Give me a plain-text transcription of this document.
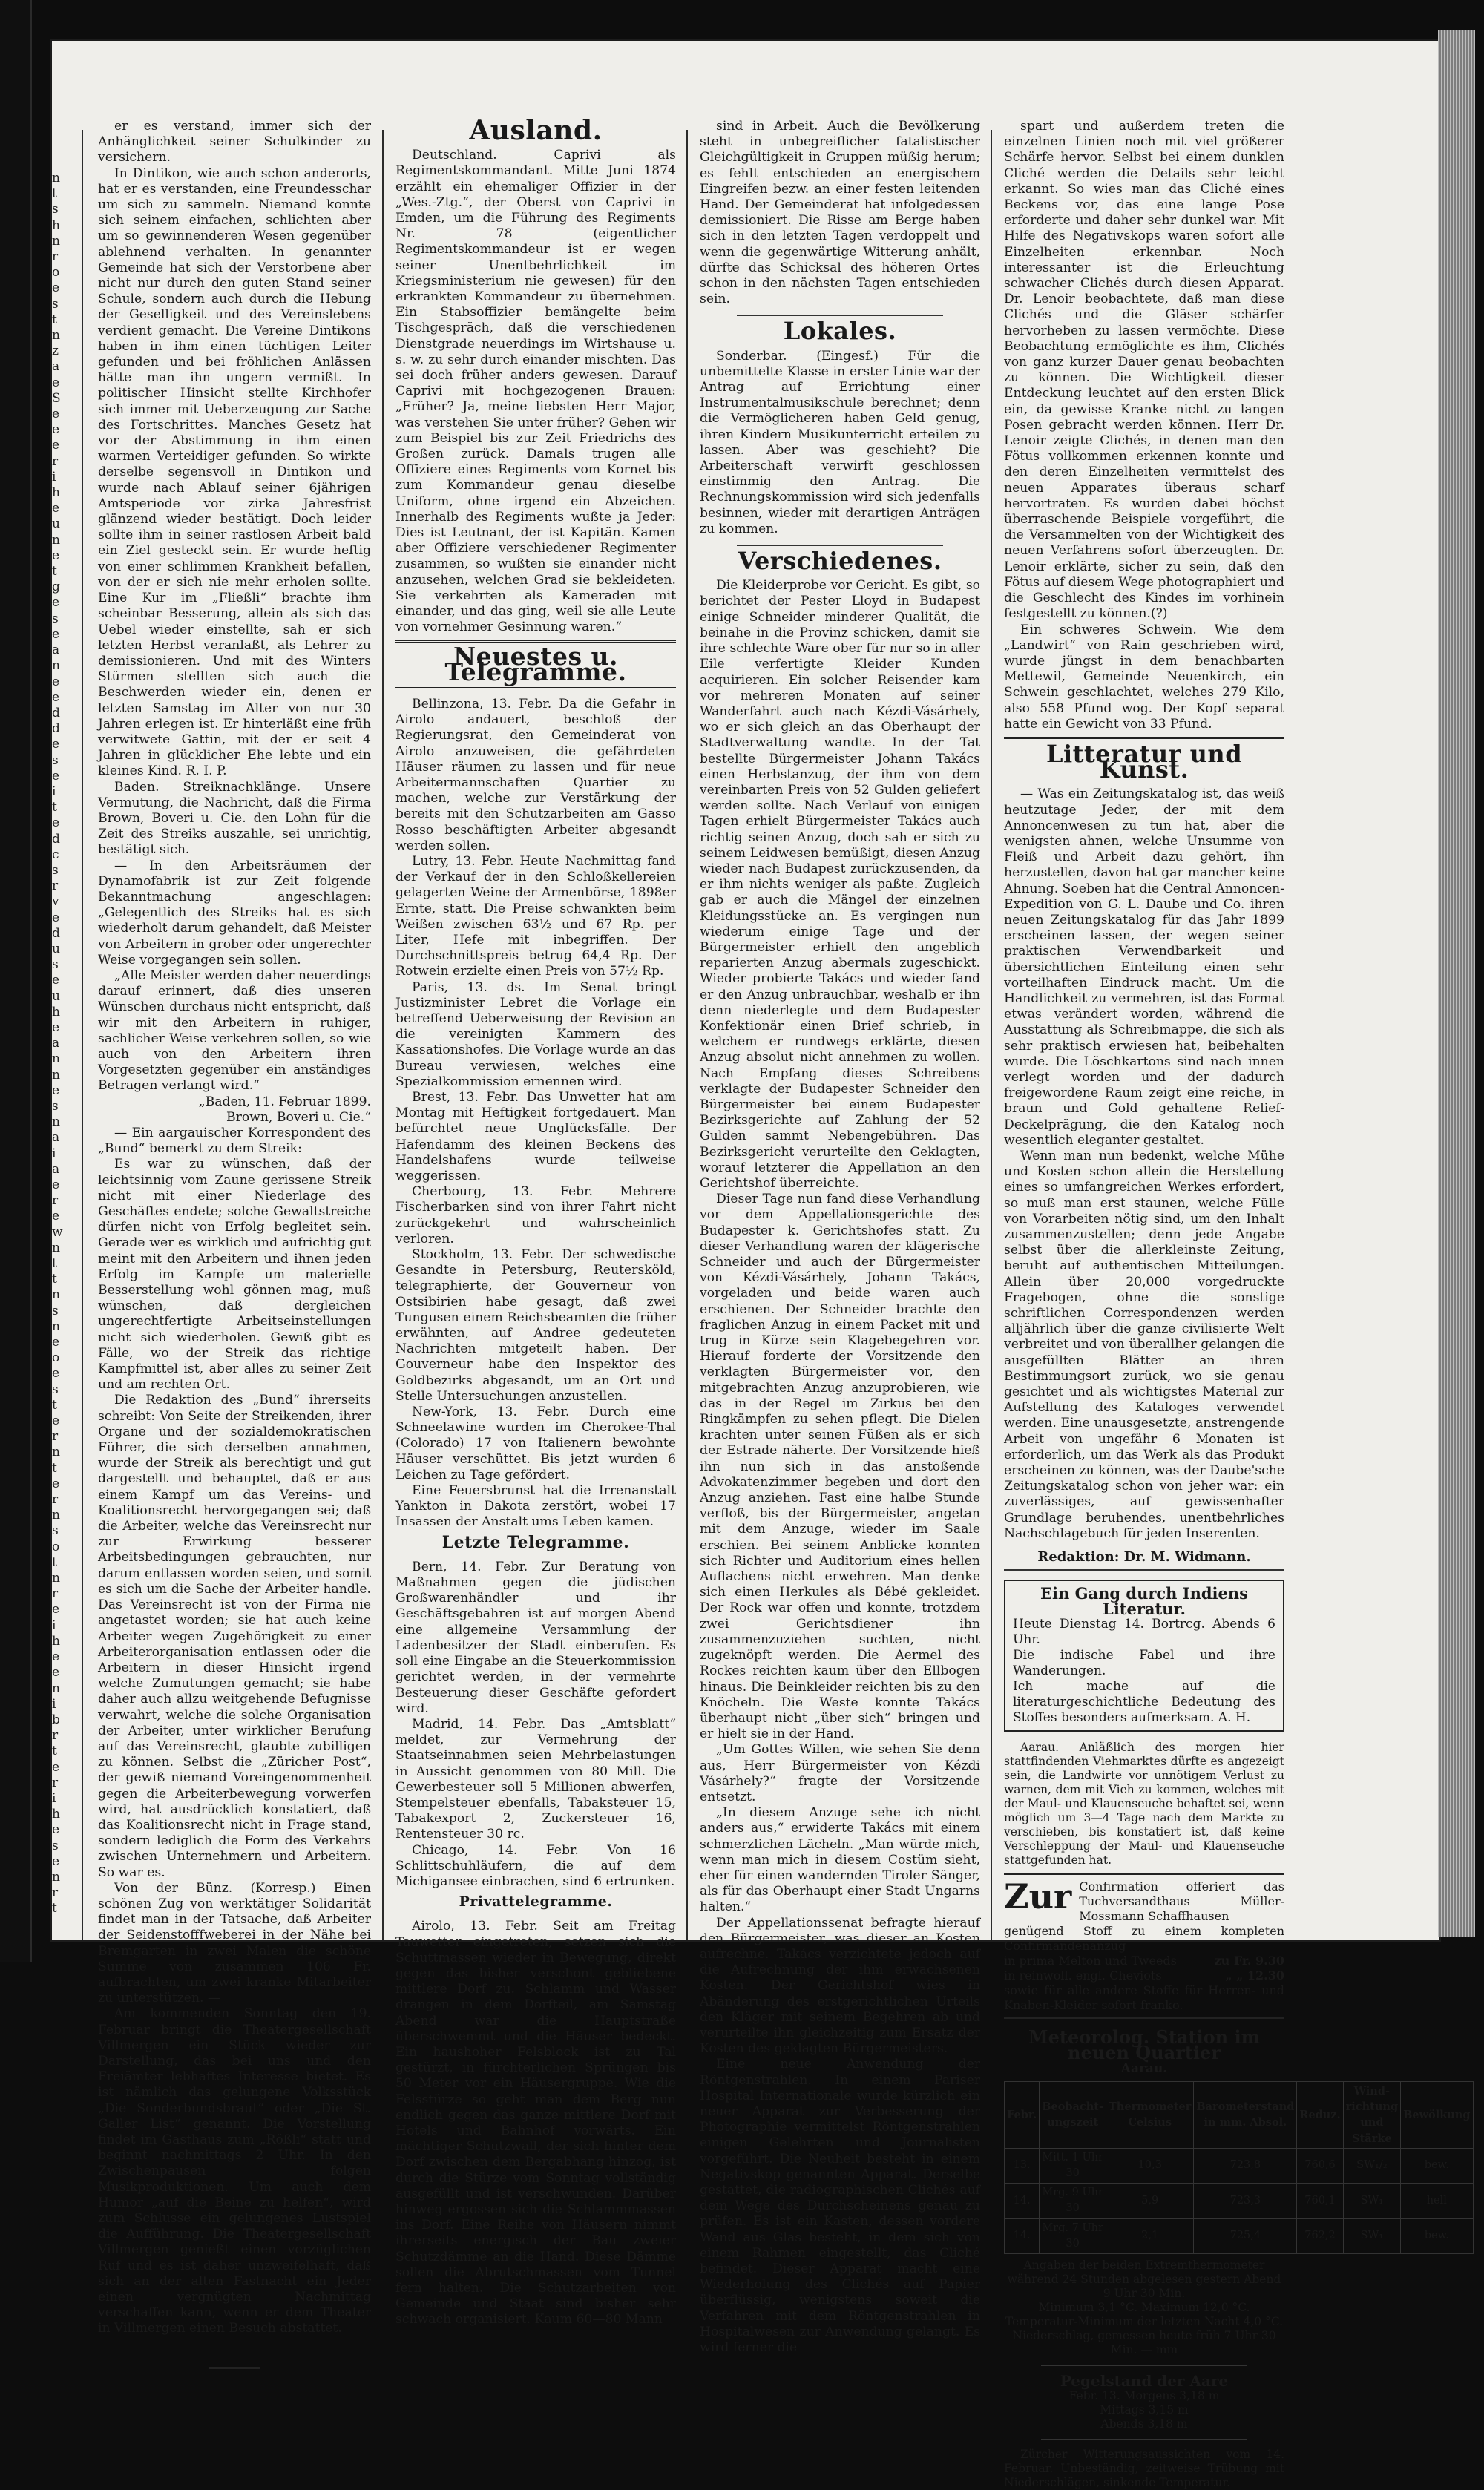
n
t
s
h
n
r
o
e
s
t
n
z
a
e
S
e
e
e
r
i
h
e
u
n
e
t
g
e
s
e
a
n
e
e
d
d
e
s
e
i
t
e
d
c
s
r
v
e
d
u
s
e
u
h
e
a
n
n
e
s
n
a
i
a
e
r
e
w
n
t
t
n
s
n
e
o
e
s
t
e
r
n
t
e
r
n
s
o
t
n
r
e
i
h
e
e
n
i
b
r
t
e
r
i
h
e
s
e
n
r
t

er es verstand, immer sich der Anhänglichkeit seiner Schulkinder zu versichern.

In Dintikon, wie auch schon anderorts, hat er es verstanden, eine Freundesschar um sich zu sammeln. Niemand konnte sich seinem einfachen, schlichten aber um so gewinnenderen Wesen gegenüber ablehnend verhalten. In genannter Gemeinde hat sich der Verstorbene aber nicht nur durch den guten Stand seiner Schule, sondern auch durch die Hebung der Geselligkeit und des Vereinslebens verdient gemacht. Die Vereine Dintikons haben in ihm einen tüchtigen Leiter gefunden und bei fröhlichen Anlässen hätte man ihn ungern vermißt. In politischer Hinsicht stellte Kirchhofer sich immer mit Ueberzeugung zur Sache des Fortschrittes. Manches Gesetz hat vor der Abstimmung in ihm einen warmen Verteidiger gefunden. So wirkte derselbe segensvoll in Dintikon und wurde nach Ablauf seiner 6jährigen Amtsperiode vor zirka Jahresfrist glänzend wieder bestätigt. Doch leider sollte ihm in seiner rastlosen Arbeit bald ein Ziel gesteckt sein. Er wurde heftig von einer schlimmen Krankheit befallen, von der er sich nie mehr erholen sollte. Eine Kur im „Fließli“ brachte ihm scheinbar Besserung, allein als sich das Uebel wieder einstellte, sah er sich letzten Herbst veranlaßt, als Lehrer zu demissionieren. Und mit des Winters Stürmen stellten sich auch die Beschwerden wieder ein, denen er letzten Samstag im Alter von nur 30 Jahren erlegen ist. Er hinterläßt eine früh verwitwete Gattin, mit der er seit 4 Jahren in glücklicher Ehe lebte und ein kleines Kind. R. I. P.

Baden. Streiknachklänge. Unsere Vermutung, die Nachricht, daß die Firma Brown, Boveri u. Cie. den Lohn für die Zeit des Streiks auszahle, sei unrichtig, bestätigt sich.

— In den Arbeitsräumen der Dynamofabrik ist zur Zeit folgende Bekanntmachung angeschlagen: „Gelegentlich des Streiks hat es sich wiederholt darum gehandelt, daß Meister von Arbeitern in grober oder ungerechter Weise vorgegangen sein sollen.

„Alle Meister werden daher neuerdings darauf erinnert, daß dies unseren Wünschen durchaus nicht entspricht, daß wir mit den Arbeitern in ruhiger, sachlicher Weise verkehren sollen, so wie auch von den Arbeitern ihren Vorgesetzten gegenüber ein anständiges Betragen verlangt wird.“

„Baden, 11. Februar 1899.

Brown, Boveri u. Cie.“

— Ein aargauischer Korrespondent des „Bund“ bemerkt zu dem Streik:

Es war zu wünschen, daß der leichtsinnig vom Zaune gerissene Streik nicht mit einer Niederlage des Geschäftes endete; solche Gewaltstreiche dürfen nicht von Erfolg begleitet sein. Gerade wer es wirklich und aufrichtig gut meint mit den Arbeitern und ihnen jeden Erfolg im Kampfe um materielle Besserstellung wohl gönnen mag, muß wünschen, daß dergleichen ungerechtfertigte Arbeitseinstellungen nicht sich wiederholen. Gewiß gibt es Fälle, wo der Streik das richtige Kampfmittel ist, aber alles zu seiner Zeit und am rechten Ort.

Die Redaktion des „Bund“ ihrerseits schreibt: Von Seite der Streikenden, ihrer Organe und der sozialdemokratischen Führer, die sich derselben annahmen, wurde der Streik als berechtigt und gut dargestellt und behauptet, daß er aus einem Kampf um das Vereins- und Koalitionsrecht hervorgegangen sei; daß die Arbeiter, welche das Vereinsrecht nur zur Erwirkung besserer Arbeitsbedingungen gebrauchten, nur darum entlassen worden seien, und somit es sich um die Sache der Arbeiter handle. Das Vereinsrecht ist von der Firma nie angetastet worden; sie hat auch keine Arbeiter wegen Zugehörigkeit zu einer Arbeiterorganisation entlassen oder die Arbeitern in dieser Hinsicht irgend welche Zumutungen gemacht; sie habe daher auch allzu weitgehende Befugnisse verwahrt, welche die solche Organisation der Arbeiter, unter wirklicher Berufung auf das Vereinsrecht, glaubte zubilligen zu können. Selbst die „Züricher Post“, der gewiß niemand Voreingenommenheit gegen die Arbeiterbewegung vorwerfen wird, hat ausdrücklich konstatiert, daß das Koalitionsrecht nicht in Frage stand, sondern lediglich die Form des Verkehrs zwischen Unternehmern und Arbeitern. So war es.

Von der Bünz. (Korresp.) Einen schönen Zug von werktätiger Solidarität findet man in der Tatsache, daß Arbeiter der Seidenstofffweberei in der Nähe bei Bremgarten in zwei Malen die schöne Summe von zusammen 106 Fr. aufbrachten, um zwei kranke Mitarbeiter zu unterstützen. —

Am kommenden Sonntag den 19. Februar bringt die Theatergesellschaft Villmergen ein Stück wieder zur Darstellung, das bei uns und den Freiämter lebhaftes Interesse bietet. Es ist nämlich das gelungene Volksstück „Die Sonderbundsbraut“ oder „Die St. Galler List“ genannt. Die Vorstellung findet im Gasthaus zum „Rößli“ statt und beginnt nachmittags 2 Uhr. In den Zwischenpausen folgen Musikproduktionen. Um auch dem Humor „auf die Beine zu helfen“, wird zum Schlusse ein gelungenes Lustspiel die Aufführung. Die Theatergesellschaft Villmergen genießt einen vorzüglichen Ruf und es ist daher unzweifelhaft, daß sich an der alten Fastnacht ein Jeder einen vergnügten Nachmittag verschaffen kann, wenn er dem Theater in Villmergen einen Besuch abstattet.

Ausland.

Deutschland. Caprivi als Regimentskommandant. Mitte Juni 1874 erzählt ein ehemaliger Offizier in der „Wes.-Ztg.“, der Oberst von Caprivi in Emden, um die Führung des Regiments Nr. 78 (eigentlicher Regimentskommandeur ist er wegen seiner Unentbehrlichkeit im Kriegsministerium nie gewesen) für den erkrankten Kommandeur zu übernehmen. Ein Stabsoffizier bemängelte beim Tischgespräch, daß die verschiedenen Dienstgrade neuerdings im Wirtshause u. s. w. zu sehr durch einander mischten. Das sei doch früher anders gewesen. Darauf Caprivi mit hochgezogenen Brauen: „Früher? Ja, meine liebsten Herr Major, was verstehen Sie unter früher? Gehen wir zum Beispiel bis zur Zeit Friedrichs des Großen zurück. Damals trugen alle Offiziere eines Regiments vom Kornet bis zum Kommandeur genau dieselbe Uniform, ohne irgend ein Abzeichen. Innerhalb des Regiments wußte ja Jeder: Dies ist Leutnant, der ist Kapitän. Kamen aber Offiziere verschiedener Regimenter zusammen, so wußten sie einander nicht anzusehen, welchen Grad sie bekleideten. Sie verkehrten als Kameraden mit einander, und das ging, weil sie alle Leute von vornehmer Gesinnung waren.“

Neuestes u. Telegramme.

Bellinzona, 13. Febr. Da die Gefahr in Airolo andauert, beschloß der Regierungsrat, den Gemeinderat von Airolo anzuweisen, die gefährdeten Häuser räumen zu lassen und für neue Arbeitermannschaften Quartier zu machen, welche zur Verstärkung der bereits mit den Schutzarbeiten am Gasso Rosso beschäftigten Arbeiter abgesandt werden sollen.

Lutry, 13. Febr. Heute Nachmittag fand der Verkauf der in den Schloßkellereien gelagerten Weine der Armenbörse, 1898er Ernte, statt. Die Preise schwankten beim Weißen zwischen 63½ und 67 Rp. per Liter, Hefe mit inbegriffen. Der Durchschnittspreis betrug 64,4 Rp. Der Rotwein erzielte einen Preis von 57½ Rp.

Paris, 13. ds. Im Senat bringt Justizminister Lebret die Vorlage ein betreffend Ueberweisung der Revision an die vereinigten Kammern des Kassationshofes. Die Vorlage wurde an das Bureau verwiesen, welches eine Spezialkommission ernennen wird.

Brest, 13. Febr. Das Unwetter hat am Montag mit Heftigkeit fortgedauert. Man befürchtet neue Unglücksfälle. Der Hafendamm des kleinen Beckens des Handelshafens wurde teilweise weggerissen.

Cherbourg, 13. Febr. Mehrere Fischerbarken sind von ihrer Fahrt nicht zurückgekehrt und wahrscheinlich verloren.

Stockholm, 13. Febr. Der schwedische Gesandte in Petersburg, Reutersköld, telegraphierte, der Gouverneur von Ostsibirien habe gesagt, daß zwei Tungusen einem Reichsbeamten die früher erwähnten, auf Andree gedeuteten Nachrichten mitgeteilt haben. Der Gouverneur habe den Inspektor des Goldbezirks abgesandt, um an Ort und Stelle Untersuchungen anzustellen.

New-York, 13. Febr. Durch eine Schneelawine wurden im Cherokee-Thal (Colorado) 17 von Italienern bewohnte Häuser verschüttet. Bis jetzt wurden 6 Leichen zu Tage gefördert.

Eine Feuersbrunst hat die Irrenanstalt Yankton in Dakota zerstört, wobei 17 Insassen der Anstalt ums Leben kamen.

Letzte Telegramme.

Bern, 14. Febr. Zur Beratung von Maßnahmen gegen die jüdischen Großwarenhändler und ihr Geschäftsgebahren ist auf morgen Abend eine allgemeine Versammlung der Ladenbesitzer der Stadt einberufen. Es soll eine Eingabe an die Steuerkommission gerichtet werden, in der vermehrte Besteuerung dieser Geschäfte gefordert wird.

Madrid, 14. Febr. Das „Amtsblatt“ meldet, zur Vermehrung der Staatseinnahmen seien Mehrbelastungen in Aussicht genommen von 80 Mill. Die Gewerbesteuer soll 5 Millionen abwerfen, Stempelsteuer ebenfalls, Tabaksteuer 15, Tabakexport 2, Zuckersteuer 16, Rentensteuer 30 rc.

Chicago, 14. Febr. Von 16 Schlittschuhläufern, die auf dem Michigansee einbrachen, sind 6 ertrunken.

Privattelegramme.

Airolo, 13. Febr. Seit am Freitag Tauwetter eingetreten, setzen sich die Schuttmassen wieder in Bewegung, direkt gegen das bisher verschont gebliebene mittlere Dorf zu. Schlamm und Wasser drangen in dem Dorfteil, am Samstag Abend war die Hauptstraße überschwemmt und die Häuser bedeckt. Ein haushoher Felsblock ist zu Tal gestürzt, in fürchterlichen Sprüngen bis 50 Meter vor ein Häusergruppe. Wie die Felsstürze so geht man dem Berg nun endlich gegen das ganze mittlere Dorf mit Hotels und Bahnhof vorwärts. Ein mächtiger Schutzwall, der sich hinter dem Dorf zwischen dem Bergabhang hinzog, ist durch die Stürze vom Sonntag vollständig ausgefüllt und ist verschwunden. Darüber hinweg ergossen sich die Schlammmassen ins Dorf. Eine Reihe von Häusern nimmt ihrerseits energisch der Bau zweier Schutzdämme an die Hand. Diese Dämme sollen die Abrutschmassen vom Tunnel fern halten. Die Schutzarbeiten von Gemeinde und Staat sind bisher sehr schwach organisiert. Kaum 60—80 Mann

sind in Arbeit. Auch die Bevölkerung steht in unbegreiflicher fatalistischer Gleichgültigkeit in Gruppen müßig herum; es fehlt entschieden an energischem Eingreifen bezw. an einer festen leitenden Hand. Der Gemeinderat hat infolgedessen demissioniert. Die Risse am Berge haben sich in den letzten Tagen verdoppelt und wenn die gegenwärtige Witterung anhält, dürfte das Schicksal des höheren Ortes schon in den nächsten Tagen entschieden sein.

Lokales.

Sonderbar. (Eingesf.) Für die unbemittelte Klasse in erster Linie war der Antrag auf Errichtung einer Instrumentalmusikschule berechnet; denn die Vermöglicheren haben Geld genug, ihren Kindern Musikunterricht erteilen zu lassen. Aber was geschieht? Die Arbeiterschaft verwirft geschlossen einstimmig den Antrag. Die Rechnungskommission wird sich jedenfalls besinnen, wieder mit derartigen Anträgen zu kommen.

Verschiedenes.

Die Kleiderprobe vor Gericht. Es gibt, so berichtet der Pester Lloyd in Budapest einige Schneider minderer Qualität, die beinahe in die Provinz schicken, damit sie ihre schlechte Ware ober für nur so in aller Eile verfertigte Kleider Kunden acquirieren. Ein solcher Reisender kam vor mehreren Monaten auf seiner Wanderfahrt auch nach Kézdi-Vásárhely, wo er sich gleich an das Oberhaupt der Stadtverwaltung wandte. In der Tat bestellte Bürgermeister Johann Takács einen Herbstanzug, der ihm von dem vereinbarten Preis von 52 Gulden geliefert werden sollte. Nach Verlauf von einigen Tagen erhielt Bürgermeister Takács auch richtig seinen Anzug, doch sah er sich zu seinem Leidwesen bemüßigt, diesen Anzug wieder nach Budapest zurückzusenden, da er ihm nichts weniger als paßte. Zugleich gab er auch die Mängel der einzelnen Kleidungsstücke an. Es vergingen nun wiederum einige Tage und der Bürgermeister erhielt den angeblich reparierten Anzug abermals zugeschickt. Wieder probierte Takács und wieder fand er den Anzug unbrauchbar, weshalb er ihn denn niederlegte und dem Budapester Konfektionär einen Brief schrieb, in welchem er rundwegs erklärte, diesen Anzug absolut nicht annehmen zu wollen. Nach Empfang dieses Schreibens verklagte der Budapester Schneider den Bürgermeister bei einem Budapester Bezirksgerichte auf Zahlung der 52 Gulden sammt Nebengebühren. Das Bezirksgericht verurteilte den Geklagten, worauf letzterer die Appellation an den Gerichtshof überreichte.

Dieser Tage nun fand diese Verhandlung vor dem Appellationsgerichte des Budapester k. Gerichtshofes statt. Zu dieser Verhandlung waren der klägerische Schneider und auch der Bürgermeister von Kézdi-Vásárhely, Johann Takács, vorgeladen und beide waren auch erschienen. Der Schneider brachte den fraglichen Anzug in einem Packet mit und trug in Kürze sein Klagebegehren vor. Hierauf forderte der Vorsitzende den verklagten Bürgermeister vor, den mitgebrachten Anzug anzuprobieren, wie das in der Regel im Zirkus bei den Ringkämpfen zu sehen pflegt. Die Dielen krachten unter seinen Füßen als er sich der Estrade näherte. Der Vorsitzende hieß ihn nun sich in das anstoßende Advokatenzimmer begeben und dort den Anzug anziehen. Fast eine halbe Stunde verfloß, bis der Bürgermeister, angetan mit dem Anzuge, wieder im Saale erschien. Bei seinem Anblicke konnten sich Richter und Auditorium eines hellen Auflachens nicht erwehren. Man denke sich einen Herkules als Bébé gekleidet. Der Rock war offen und konnte, trotzdem zwei Gerichtsdiener ihn zusammenzuziehen suchten, nicht zugeknöpft werden. Die Aermel des Rockes reichten kaum über den Ellbogen hinaus. Die Beinkleider reichten bis zu den Knöcheln. Die Weste konnte Takács überhaupt nicht „über sich“ bringen und er hielt sie in der Hand.

„Um Gottes Willen, wie sehen Sie denn aus, Herr Bürgermeister von Kézdi Vásárhely?“ fragte der Vorsitzende entsetzt.

„In diesem Anzuge sehe ich nicht anders aus,“ erwiderte Takács mit einem schmerzlichen Lächeln. „Man würde mich, wenn man mich in diesem Costüm sieht, eher für einen wandernden Tiroler Sänger, als für das Oberhaupt einer Stadt Ungarns halten.“

Der Appellationssenat befragte hierauf den Bürgermeister, was dieser an Kosten aufrechne. Takács verzichtete jedoch auf die Aufrechnung der ihm erwachsenen Kosten. Der Gerichtshof wies in Abänderung des erstgerichtlichen Urteils den Kläger mit seinem Begehren ab und verurteilte ihn gleichzeitig zum Ersatz der Kosten des geklagten Bürgermeisters.

Eine neue Anwendung der Röntgenstrahlen. In einem Pariser Hospital Internationale wurde kürzlich ein neuer Apparat zur Verbesserung der Photographie vermittelst Röntgenstrahlen einigen Gelehrten und Journalisten vorgeführt. Die Neuheit besteht in einem Negativskop genannten Apparat. Derselbe gestattet, die radiographischen Clichés auf dem Wege des Durchscheinens genau zu prüfen. Es ist ein Kasten, dessen vordere Wand aus Glas besteht, in dem sich von einem Rahmen eingestellt, das Cliché befindet. Dieser Apparat macht eine Wiederholung des Clichés auf Papier überflüssig, wenigstens soweit die Verfahren mit dem Röntgenstrahlen in Hospitalwesen zur Anwendung gelangt. Es wird ferner die

spart und außerdem treten die einzelnen Linien noch mit viel größerer Schärfe hervor. Selbst bei einem dunklen Cliché werden die Details sehr leicht erkannt. So wies man das Cliché eines Beckens vor, das eine lange Pose erforderte und daher sehr dunkel war. Mit Hilfe des Negativskops waren sofort alle Einzelheiten erkennbar. Noch interessanter ist die Erleuchtung schwacher Clichés durch diesen Apparat. Dr. Lenoir beobachtete, daß man diese Clichés und die Gläser schärfer hervorheben zu lassen vermöchte. Diese Beobachtung ermöglichte es ihm, Clichés von ganz kurzer Dauer genau beobachten zu können. Die Wichtigkeit dieser Entdeckung leuchtet auf den ersten Blick ein, da gewisse Kranke nicht zu langen Posen gebracht werden können. Herr Dr. Lenoir zeigte Clichés, in denen man den Fötus vollkommen erkennen konnte und den deren Einzelheiten vermittelst des neuen Apparates überaus scharf hervortraten. Es wurden dabei höchst überraschende Beispiele vorgeführt, die die Versammelten von der Wichtigkeit des neuen Verfahrens sofort überzeugten. Dr. Lenoir erklärte, sicher zu sein, daß den Fötus auf diesem Wege photographiert und die Geschlecht des Kindes im vorhinein festgestellt zu können.(?)

Ein schweres Schwein. Wie dem „Landwirt“ von Rain geschrieben wird, wurde jüngst in dem benachbarten Mettewil, Gemeinde Neuenkirch, ein Schwein geschlachtet, welches 279 Kilo, also 558 Pfund wog. Der Kopf separat hatte ein Gewicht von 33 Pfund.

Litteratur und Kunst.

— Was ein Zeitungskatalog ist, das weiß heutzutage Jeder, der mit dem Annoncenwesen zu tun hat, aber die wenigsten ahnen, welche Unsumme von Fleiß und Arbeit dazu gehört, ihn herzustellen, davon hat gar mancher keine Ahnung. Soeben hat die Central Annoncen-Expedition von G. L. Daube und Co. ihren neuen Zeitungskatalog für das Jahr 1899 erscheinen lassen, der wegen seiner praktischen Verwendbarkeit und übersichtlichen Einteilung einen sehr vorteilhaften Eindruck macht. Um die Handlichkeit zu vermehren, ist das Format etwas verändert worden, während die Ausstattung als Schreibmappe, die sich als sehr praktisch erwiesen hat, beibehalten wurde. Die Löschkartons sind nach innen verlegt worden und der dadurch freigewordene Raum zeigt eine reiche, in braun und Gold gehaltene Relief-Deckelprägung, die den Katalog noch wesentlich eleganter gestaltet.

Wenn man nun bedenkt, welche Mühe und Kosten schon allein die Herstellung eines so umfangreichen Werkes erfordert, so muß man erst staunen, welche Fülle von Vorarbeiten nötig sind, um den Inhalt zusammenzustellen; denn jede Angabe selbst über die allerkleinste Zeitung, beruht auf authentischen Mitteilungen. Allein über 20,000 vorgedruckte Fragebogen, ohne die sonstige schriftlichen Correspondenzen werden alljährlich über die ganze civilisierte Welt verbreitet und von überallher gelangen die ausgefüllten Blätter an ihren Bestimmungsort zurück, wo sie genau gesichtet und als wichtigstes Material zur Aufstellung des Kataloges verwendet werden. Eine unausgesetzte, anstrengende Arbeit von ungefähr 6 Monaten ist erforderlich, um das Werk als das Produkt erscheinen zu können, was der Daube'sche Zeitungskatalog schon von jeher war: ein zuverlässiges, auf gewissenhafter Grundlage beruhendes, unentbehrliches Nachschlagebuch für jeden Inserenten.

Redaktion: Dr. M. Widmann.
Ein Gang durch Indiens Literatur.
Heute Dienstag 14. Bortrcg. Abends 6 Uhr.
Die indische Fabel und ihre Wanderungen.
Ich mache auf die literaturgeschichtliche Bedeutung des Stoffes besonders aufmerksam. A. H.

Aarau. Anläßlich des morgen hier stattfindenden Viehmarktes dürfte es angezeigt sein, die Landwirte vor unnötigem Verlust zu warnen, dem mit Vieh zu kommen, welches mit der Maul- und Klauenseuche behaftet sei, wenn möglich um 3—4 Tage nach dem Markte zu verschieben, bis konstatiert ist, daß keine Verschleppung der Maul- und Klauenseuche stattgefunden hat.

Zur Confirmation offeriert das Tuchversandthaus Müller-Mossmann Schaffhausen
genügend Stoff zu einem kompleten Confirmandenanzug
in prima Melton und Tweeds	zu Fr. 9.30
in reinwoll. engl. Cheviots	„ „ 12.30
sowie für alle andere Stoffe für Herren- und Knaben-Kleider sofort franko.
Meteorolog. Station im neuen Quartier
Aarau.
Febr.	Beobacht-ungszeit	Thermometer Celsius	Barometerstand in mm. Absol.	Reduz.	Wind-richtung und Stärke	Bewölkung
13.	Mitt. 1 Uhr 30	10,3	723,8	760,6	SW₁/₂	bew.
14.	Mrg. 9 Uhr 30	5,9	723,3	760,1	SW₁	hell
14.	Mrg. 7 Uhr 30	2,1	725,4	762,2	SW₁	bew.
Angaben der beiden Extremthermometer während 24 Stunden abgelesen gestern Abend 9 Uhr 30 Min.
Minimum 3,1 °C. Maximum 12,0 °C.
Temperatur-Minimum der letzten Nacht 4,0 °C.
Niederschlag, gemessen heute früh 7 Uhr 30 Min. — mm
Pegelstand der Aare
Febr. 13. Morgens 3,18 m
Mittags 3,15 m
Abends 3,18 m

Zürcher Witterungsaussichten vom 14. Februar. Unbeständig, zeitweise Trübung mit Niederschlägen, sinkende Temperatur.
